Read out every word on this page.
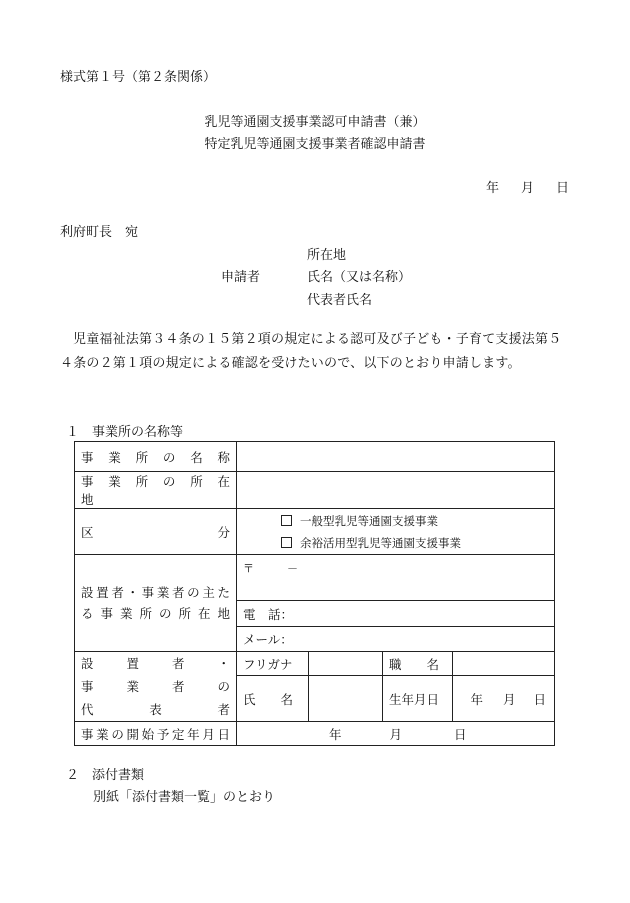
様式第１号（第２条関係）
乳児等通園支援事業認可申請書（兼）
特定乳児等通園支援事業者確認申請書
年 月 日
利府町長　宛
申請者
所在地
氏名（又は名称）
代表者氏名
児童福祉法第３４条の１５第２項の規定による認可及び子ども・子育て支援法第５４条の２第１項の規定による確認を受けたいので、以下のとおり申請します。
１　事業所の名称等
事　業　所　の　名　称				
事　業　所　の　所　在　地				
区　　　　　　　分	一般型乳児等通園支援事業
余裕活用型乳児等通園支援事業			

設置者・事業者の主た
る事業所の所在地	〒　　　－			
	電　話：			
	メール：			

設　置　者　・
事　業　者　の
代　　表　　者	フリガナ		職　　名	
	氏　　名		生年月日	年 月 日
事業の開始予定年月日	年 月 日			
２　添付書類
別紙「添付書類一覧」のとおり
